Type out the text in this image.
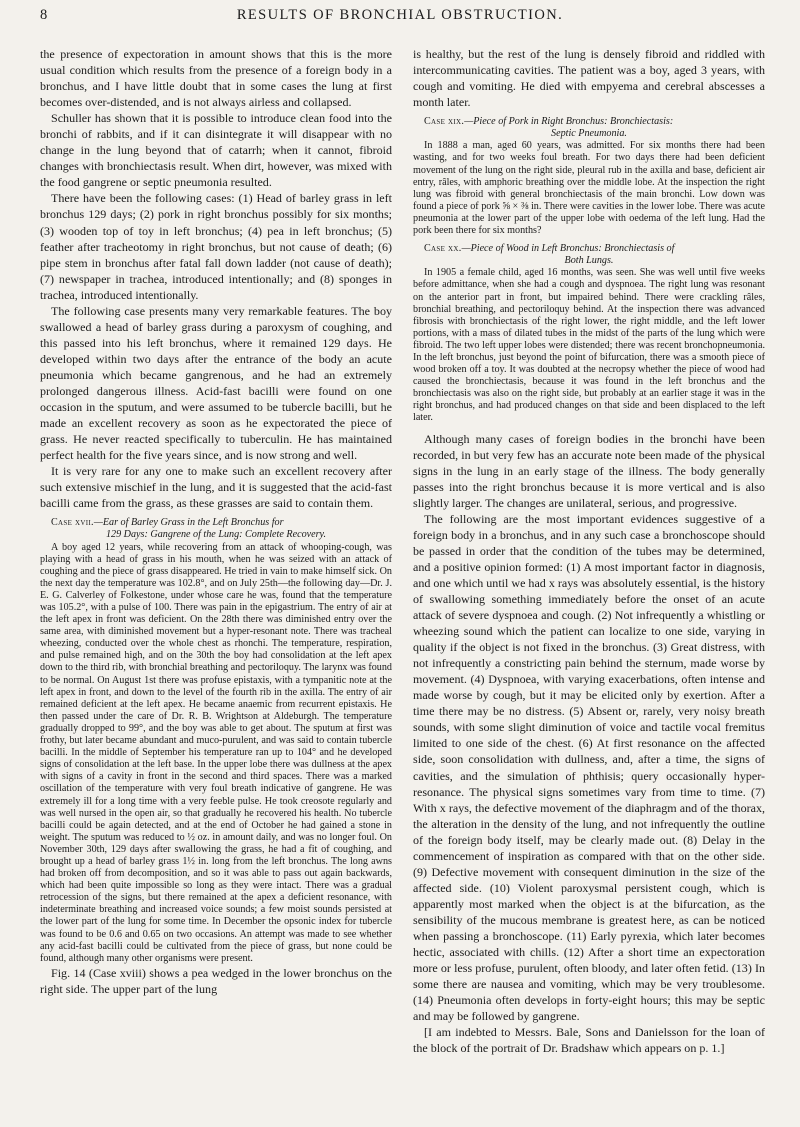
8	RESULTS OF BRONCHIAL OBSTRUCTION.

the presence of expectoration in amount shows that this is the more usual condition which results from the presence of a foreign body in a bronchus, and I have little doubt that in some cases the lung at first becomes over-distended, and is not always airless and collapsed.

Schuller has shown that it is possible to introduce clean food into the bronchi of rabbits, and if it can disintegrate it will disappear with no change in the lung beyond that of catarrh; when it cannot, fibroid changes with bronchiectasis result. When dirt, however, was mixed with the food gangrene or septic pneumonia resulted.

There have been the following cases: (1) Head of barley grass in left bronchus 129 days; (2) pork in right bronchus possibly for six months; (3) wooden top of toy in left bronchus; (4) pea in left bronchus; (5) feather after tracheotomy in right bronchus, but not cause of death; (6) pipe stem in bronchus after fatal fall down ladder (not cause of death); (7) newspaper in trachea, introduced intentionally; and (8) sponges in trachea, introduced intentionally.

The following case presents many very remarkable features. The boy swallowed a head of barley grass during a paroxysm of coughing, and this passed into his left bronchus, where it remained 129 days. He developed within two days after the entrance of the body an acute pneumonia which became gangrenous, and he had an extremely prolonged dangerous illness. Acid-fast bacilli were found on one occasion in the sputum, and were assumed to be tubercle bacilli, but he made an excellent recovery as soon as he expectorated the piece of grass. He never reacted specifically to tuberculin. He has maintained perfect health for the five years since, and is now strong and well.

It is very rare for any one to make such an excellent recovery after such extensive mischief in the lung, and it is suggested that the acid-fast bacilli came from the grass, as these grasses are said to contain them.

Case xvii.—Ear of Barley Grass in the Left Bronchus for

129 Days: Gangrene of the Lung: Complete Recovery.

A boy aged 12 years, while recovering from an attack of whooping-cough, was playing with a head of grass in his mouth, when he was seized with an attack of coughing and the piece of grass disappeared. He tried in vain to make himself sick. On the next day the temperature was 102.8°, and on July 25th—the following day—Dr. J. E. G. Calverley of Folkestone, under whose care he was, found that the temperature was 105.2°, with a pulse of 100. There was pain in the epigastrium. The entry of air at the left apex in front was deficient. On the 28th there was diminished entry over the same area, with diminished movement but a hyper-resonant note. There was tracheal wheezing, conducted over the whole chest as rhonchi. The temperature, respiration, and pulse remained high, and on the 30th the boy had consolidation at the left apex down to the third rib, with bronchial breathing and pectoriloquy. The larynx was found to be normal. On August 1st there was profuse epistaxis, with a tympanitic note at the left apex in front, and down to the level of the fourth rib in the axilla. The entry of air remained deficient at the left apex. He became anaemic from recurrent epistaxis. He then passed under the care of Dr. R. B. Wrightson at Aldeburgh. The temperature gradually dropped to 99°, and the boy was able to get about. The sputum at first was frothy, but later became abundant and muco-purulent, and was said to contain tubercle bacilli. In the middle of September his temperature ran up to 104° and he developed signs of consolidation at the left base. In the upper lobe there was dullness at the apex with signs of a cavity in front in the second and third spaces. There was a marked oscillation of the temperature with very foul breath indicative of gangrene. He was extremely ill for a long time with a very feeble pulse. He took creosote regularly and was well nursed in the open air, so that gradually he recovered his health. No tubercle bacilli could be again detected, and at the end of October he had gained a stone in weight. The sputum was reduced to ½ oz. in amount daily, and was no longer foul. On November 30th, 129 days after swallowing the grass, he had a fit of coughing, and brought up a head of barley grass 1½ in. long from the left bronchus. The long awns had broken off from decomposition, and so it was able to pass out again backwards, which had been quite impossible so long as they were intact. There was a gradual retrocession of the signs, but there remained at the apex a deficient resonance, with indeterminate breathing and increased voice sounds; a few moist sounds persisted at the lower part of the lung for some time. In December the opsonic index for tubercle was found to be 0.6 and 0.65 on two occasions. An attempt was made to see whether any acid-fast bacilli could be cultivated from the piece of grass, but none could be found, although many other organisms were present.

Fig. 14 (Case xviii) shows a pea wedged in the lower bronchus on the right side. The upper part of the lung

is healthy, but the rest of the lung is densely fibroid and riddled with intercommunicating cavities. The patient was a boy, aged 3 years, with cough and vomiting. He died with empyema and cerebral abscesses a month later.

Case xix.—Piece of Pork in Right Bronchus: Bronchiectasis:

Septic Pneumonia.

In 1888 a man, aged 60 years, was admitted. For six months there had been wasting, and for two weeks foul breath. For two days there had been deficient movement of the lung on the right side, pleural rub in the axilla and base, deficient air entry, râles, with amphoric breathing over the middle lobe. At the inspection the right lung was fibroid with general bronchiectasis of the main bronchi. Low down was found a piece of pork ⅝ × ⅜ in. There were cavities in the lower lobe. There was acute pneumonia at the lower part of the upper lobe with oedema of the left lung. Had the pork been there for six months?

Case xx.—Piece of Wood in Left Bronchus: Bronchiectasis of

Both Lungs.

In 1905 a female child, aged 16 months, was seen. She was well until five weeks before admittance, when she had a cough and dyspnoea. The right lung was resonant on the anterior part in front, but impaired behind. There were crackling râles, bronchial breathing, and pectoriloquy behind. At the inspection there was advanced fibrosis with bronchiectasis of the right lower, the right middle, and the left lower portions, with a mass of dilated tubes in the midst of the parts of the lung which were fibroid. The two left upper lobes were distended; there was recent bronchopneumonia. In the left bronchus, just beyond the point of bifurcation, there was a smooth piece of wood broken off a toy. It was doubted at the necropsy whether the piece of wood had caused the bronchiectasis, because it was found in the left bronchus and the bronchiectasis was also on the right side, but probably at an earlier stage it was in the right bronchus, and had produced changes on that side and been displaced to the left later.

Although many cases of foreign bodies in the bronchi have been recorded, in but very few has an accurate note been made of the physical signs in the lung in an early stage of the illness. The body generally passes into the right bronchus because it is more vertical and is also slightly larger. The changes are unilateral, serious, and progressive.

The following are the most important evidences suggestive of a foreign body in a bronchus, and in any such case a bronchoscope should be passed in order that the condition of the tubes may be determined, and a positive opinion formed: (1) A most important factor in diagnosis, and one which until we had x rays was absolutely essential, is the history of swallowing something immediately before the onset of an acute attack of severe dyspnoea and cough. (2) Not infrequently a whistling or wheezing sound which the patient can localize to one side, varying in quality if the object is not fixed in the bronchus. (3) Great distress, with not infrequently a constricting pain behind the sternum, made worse by movement. (4) Dyspnoea, with varying exacerbations, often intense and made worse by cough, but it may be elicited only by exertion. After a time there may be no distress. (5) Absent or, rarely, very noisy breath sounds, with some slight diminution of voice and tactile vocal fremitus limited to one side of the chest. (6) At first resonance on the affected side, soon consolidation with dullness, and, after a time, the signs of cavities, and the simulation of phthisis; query occasionally hyper-resonance. The physical signs sometimes vary from time to time. (7) With x rays, the defective movement of the diaphragm and of the thorax, the alteration in the density of the lung, and not infrequently the outline of the foreign body itself, may be clearly made out. (8) Delay in the commencement of inspiration as compared with that on the other side. (9) Defective movement with consequent diminution in the size of the affected side. (10) Violent paroxysmal persistent cough, which is apparently most marked when the object is at the bifurcation, as the sensibility of the mucous membrane is greatest here, as can be noticed when passing a bronchoscope. (11) Early pyrexia, which later becomes hectic, associated with chills. (12) After a short time an expectoration more or less profuse, purulent, often bloody, and later often fetid. (13) In some there are nausea and vomiting, which may be very troublesome. (14) Pneumonia often develops in forty-eight hours; this may be septic and may be followed by gangrene.

[I am indebted to Messrs. Bale, Sons and Danielsson for the loan of the block of the portrait of Dr. Bradshaw which appears on p. 1.]
